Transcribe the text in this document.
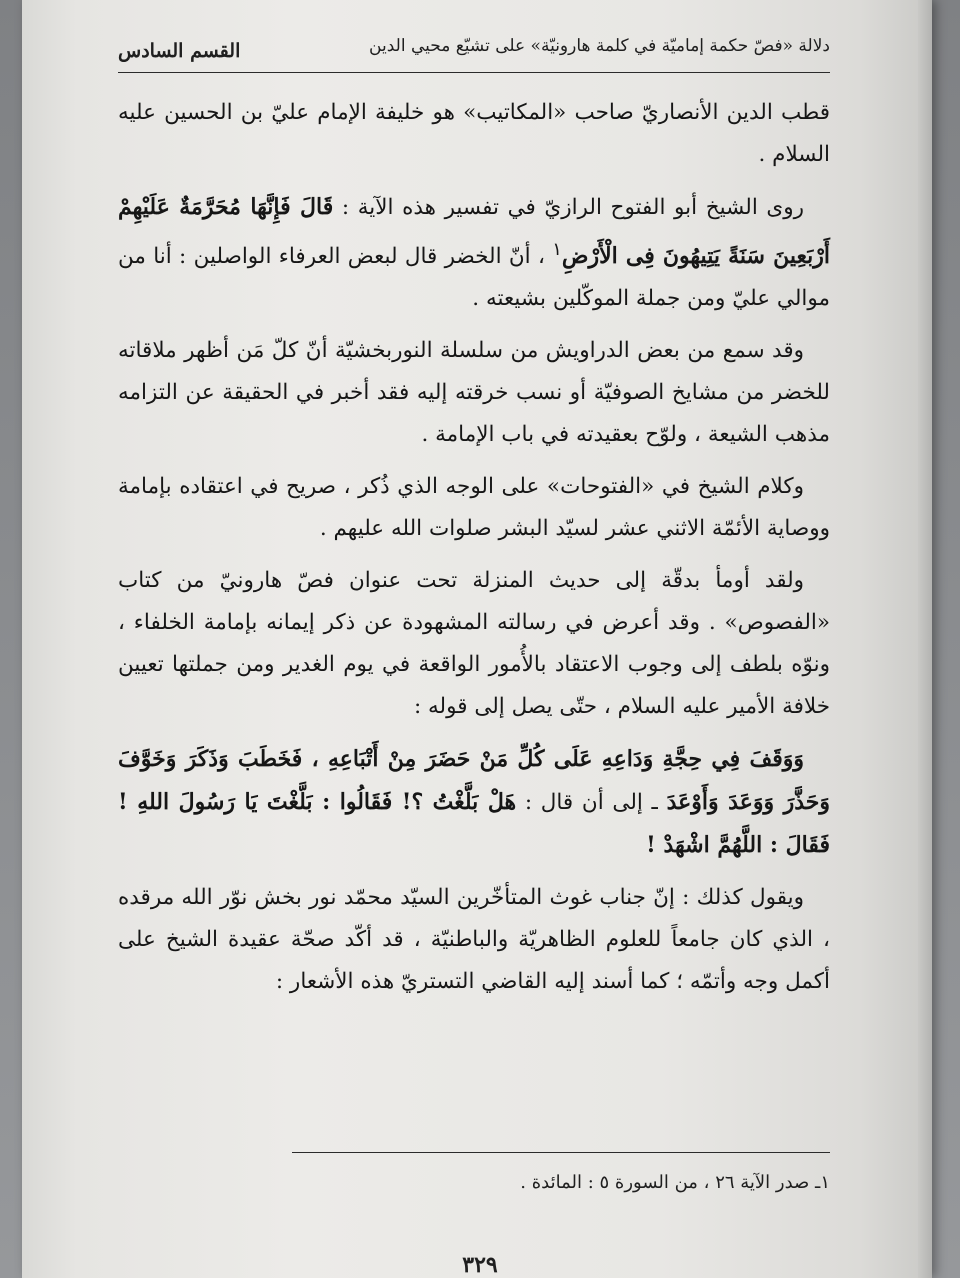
دلالة «فصّ حكمة إماميّة في كلمة هارونيّة» على تشيّع محيي الدين
القسم السادس

قطب الدين الأنصاريّ صاحب «المكاتيب» هو خليفة الإمام عليّ بن الحسين عليه السلام .

روى الشيخ أبو الفتوح الرازيّ في تفسير هذه الآية : قَالَ فَإِنَّهَا مُحَرَّمَةٌ عَلَيْهِمْ أَرْبَعِينَ سَنَةً يَتِيهُونَ فِى الْأَرْضِ$^١$ ، أنّ الخضر قال لبعض العرفاء الواصلين : أنا من موالي عليّ ومن جملة الموكّلين بشيعته .

وقد سمع من بعض الدراويش من سلسلة النوربخشيّة أنّ كلّ مَن أظهر ملاقاته للخضر من مشايخ الصوفيّة أو نسب خرقته إليه فقد أخبر في الحقيقة عن التزامه مذهب الشيعة ، ولوّح بعقيدته في باب الإمامة .

وكلام الشيخ في «الفتوحات» على الوجه الذي ذُكر ، صريح في اعتقاده بإمامة ووصاية الأئمّة الاثني عشر لسيّد البشر صلوات الله عليهم .

ولقد أومأ بدقّة إلى حديث المنزلة تحت عنوان فصّ هارونيّ من كتاب «الفصوص» . وقد أعرض في رسالته المشهودة عن ذكر إيمانه بإمامة الخلفاء ، ونوّه بلطف إلى وجوب الاعتقاد بالأُمور الواقعة في يوم الغدير ومن جملتها تعيين خلافة الأمير عليه السلام ، حتّى يصل إلى قوله :

وَوَقَفَ فِي حِجَّةِ وَدَاعِهِ عَلَى كُلِّ مَنْ حَضَرَ مِنْ أَتْبَاعِهِ ، فَخَطَبَ وَذَكَرَ وَخَوَّفَ وَحَذَّرَ وَوَعَدَ وَأَوْعَدَ ـ إلى أن قال : هَلْ بَلَّغْتُ ؟! فَقَالُوا : بَلَّغْتَ يَا رَسُولَ اللهِ ! فَقَالَ : اللَّهُمَّ اشْهَدْ !

ويقول كذلك : إنّ جناب غوث المتأخّرين السيّد محمّد نور بخش نوّر الله مرقده ، الذي كان جامعاً للعلوم الظاهريّة والباطنيّة ، قد أكّد صحّة عقيدة الشيخ على أكمل وجه وأتمّه ؛ كما أسند إليه القاضي التستريّ هذه الأشعار :

١ـ صدر الآية ٢٦ ، من السورة ٥ : المائدة .
٣٢٩
